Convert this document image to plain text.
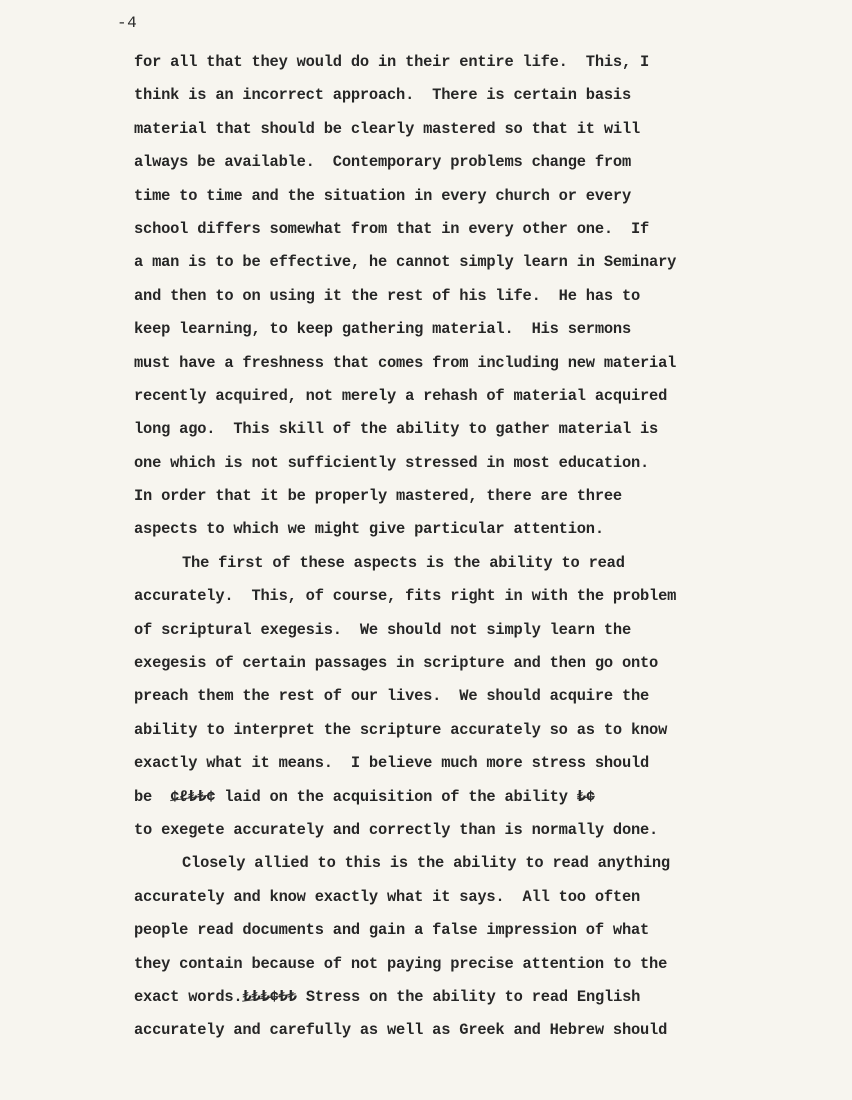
-4
for all that they would do in their entire life.  This, I
think is an incorrect approach.  There is certain basis
material that should be clearly mastered so that it will
always be available.  Contemporary problems change from
time to time and the situation in every church or every
school differs somewhat from that in every other one.  If
a man is to be effective, he cannot simply learn in Seminary
and then to on using it the rest of his life.  He has to
keep learning, to keep gathering material.  His sermons
must have a freshness that comes from including new material
recently acquired, not merely a rehash of material acquired
long ago.  This skill of the ability to gather material is
one which is not sufficiently stressed in most education.
In order that it be properly mastered, there are three
aspects to which we might give particular attention.
The first of these aspects is the ability to read
accurately.  This, of course, fits right in with the problem
of scriptural exegesis.  We should not simply learn the
exegesis of certain passages in scripture and then go onto
preach them the rest of our lives.  We should acquire the
ability to interpret the scripture accurately so as to know
exactly what it means.  I believe much more stress should
be ¢ℓ₺₺¢ laid on the acquisition of the ability ₺¢
to exegete accurately and correctly than is normally done.
Closely allied to this is the ability to read anything
accurately and know exactly what it says.  All too often
people read documents and gain a false impression of what
they contain because of not paying precise attention to the
exact words.₺₺₺¢₺₺ Stress on the ability to read English
accurately and carefully as well as Greek and Hebrew should
